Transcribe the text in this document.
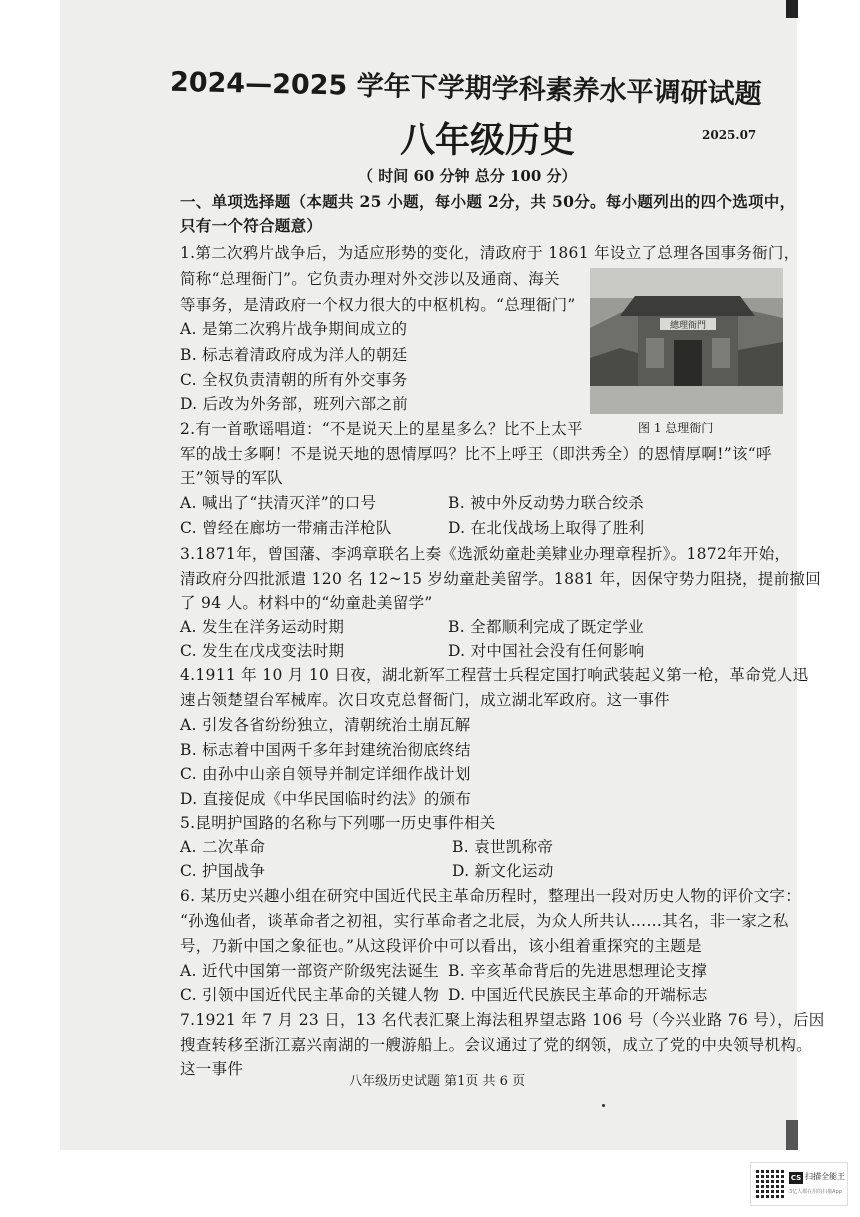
2024—2025 学年下学期学科素养水平调研试题
八年级历史	2025.07
（ 时间 60 分钟 总分 100 分）
一、单项选择题（本题共 25 小题，每小题 2分，共 50分。每小题列出的四个选项中，
只有一个符合题意）
1.第二次鸦片战争后，为适应形势的变化，清政府于 1861 年设立了总理各国事务衙门，
简称“总理衙门”。它负责办理对外交涉以及通商、海关
等事务，是清政府一个权力很大的中枢机构。“总理衙门”
A. 是第二次鸦片战争期间成立的
B. 标志着清政府成为洋人的朝廷
C. 全权负责清朝的所有外交事务
D. 后改为外务部，班列六部之前
總理衙門
图 1 总理衙门
2.有一首歌谣唱道：“不是说天上的星星多么？比不上太平
军的战士多啊！不是说天地的恩情厚吗？比不上呼王（即洪秀全）的恩情厚啊!”该“呼
王”领导的军队
A. 喊出了“扶清灭洋”的口号	B. 被中外反动势力联合绞杀
C. 曾经在廊坊一带痛击洋枪队	D. 在北伐战场上取得了胜利
3.1871年，曾国藩、李鸿章联名上奏《选派幼童赴美肄业办理章程折》。1872年开始，
清政府分四批派遣 120 名 12~15 岁幼童赴美留学。1881 年，因保守势力阻挠，提前撤回
了 94 人。材料中的“幼童赴美留学”
A. 发生在洋务运动时期	B. 全都顺利完成了既定学业
C. 发生在戊戌变法时期	D. 对中国社会没有任何影响
4.1911 年 10 月 10 日夜，湖北新军工程营士兵程定国打响武装起义第一枪，革命党人迅
速占领楚望台军械库。次日攻克总督衙门，成立湖北军政府。这一事件
A. 引发各省纷纷独立，清朝统治土崩瓦解
B. 标志着中国两千多年封建统治彻底终结
C. 由孙中山亲自领导并制定详细作战计划
D. 直接促成《中华民国临时约法》的颁布
5.昆明护国路的名称与下列哪一历史事件相关
A. 二次革命	B. 袁世凯称帝
C. 护国战争	D. 新文化运动
6. 某历史兴趣小组在研究中国近代民主革命历程时，整理出一段对历史人物的评价文字：
“孙逸仙者，谈革命者之初祖，实行革命者之北辰，为众人所共认……其名，非一家之私
号，乃新中国之象征也。”从这段评价中可以看出，该小组着重探究的主题是
A. 近代中国第一部资产阶级宪法诞生 B. 辛亥革命背后的先进思想理论支撑
C. 引领中国近代民主革命的关键人物 D. 中国近代民族民主革命的开端标志
7.1921 年 7 月 23 日，13 名代表汇聚上海法租界望志路 106 号（今兴业路 76 号），后因
搜查转移至浙江嘉兴南湖的一艘游船上。会议通过了党的纲领，成立了党的中央领导机构。
这一事件
八年级历史试题 第1页 共 6 页
CS 扫描全能王
3亿人都在用的扫描App
